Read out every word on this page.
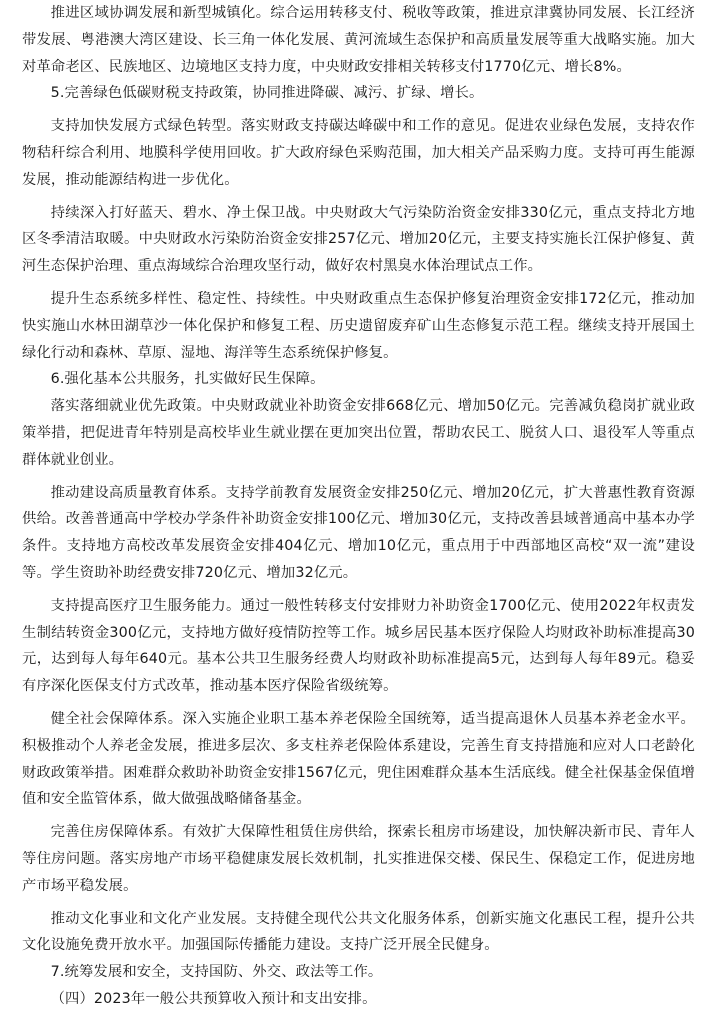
推进区域协调发展和新型城镇化。综合运用转移支付、税收等政策，推进京津冀协同发展、长江经济带发展、粤港澳大湾区建设、长三角一体化发展、黄河流域生态保护和高质量发展等重大战略实施。加大对革命老区、民族地区、边境地区支持力度，中央财政安排相关转移支付1770亿元、增长8%。

5.完善绿色低碳财税支持政策，协同推进降碳、减污、扩绿、增长。

支持加快发展方式绿色转型。落实财政支持碳达峰碳中和工作的意见。促进农业绿色发展，支持农作物秸秆综合利用、地膜科学使用回收。扩大政府绿色采购范围，加大相关产品采购力度。支持可再生能源发展，推动能源结构进一步优化。

持续深入打好蓝天、碧水、净土保卫战。中央财政大气污染防治资金安排330亿元，重点支持北方地区冬季清洁取暖。中央财政水污染防治资金安排257亿元、增加20亿元，主要支持实施长江保护修复、黄河生态保护治理、重点海域综合治理攻坚行动，做好农村黑臭水体治理试点工作。

提升生态系统多样性、稳定性、持续性。中央财政重点生态保护修复治理资金安排172亿元，推动加快实施山水林田湖草沙一体化保护和修复工程、历史遗留废弃矿山生态修复示范工程。继续支持开展国土绿化行动和森林、草原、湿地、海洋等生态系统保护修复。

6.强化基本公共服务，扎实做好民生保障。

落实落细就业优先政策。中央财政就业补助资金安排668亿元、增加50亿元。完善减负稳岗扩就业政策举措，把促进青年特别是高校毕业生就业摆在更加突出位置，帮助农民工、脱贫人口、退役军人等重点群体就业创业。

推动建设高质量教育体系。支持学前教育发展资金安排250亿元、增加20亿元，扩大普惠性教育资源供给。改善普通高中学校办学条件补助资金安排100亿元、增加30亿元，支持改善县域普通高中基本办学条件。支持地方高校改革发展资金安排404亿元、增加10亿元，重点用于中西部地区高校“双一流”建设等。学生资助补助经费安排720亿元、增加32亿元。

支持提高医疗卫生服务能力。通过一般性转移支付安排财力补助资金1700亿元、使用2022年权责发生制结转资金300亿元，支持地方做好疫情防控等工作。城乡居民基本医疗保险人均财政补助标准提高30元，达到每人每年640元。基本公共卫生服务经费人均财政补助标准提高5元，达到每人每年89元。稳妥有序深化医保支付方式改革，推动基本医疗保险省级统筹。

健全社会保障体系。深入实施企业职工基本养老保险全国统筹，适当提高退休人员基本养老金水平。积极推动个人养老金发展，推进多层次、多支柱养老保险体系建设，完善生育支持措施和应对人口老龄化财政政策举措。困难群众救助补助资金安排1567亿元，兜住困难群众基本生活底线。健全社保基金保值增值和安全监管体系，做大做强战略储备基金。

完善住房保障体系。有效扩大保障性租赁住房供给，探索长租房市场建设，加快解决新市民、青年人等住房问题。落实房地产市场平稳健康发展长效机制，扎实推进保交楼、保民生、保稳定工作，促进房地产市场平稳发展。

推动文化事业和文化产业发展。支持健全现代公共文化服务体系，创新实施文化惠民工程，提升公共文化设施免费开放水平。加强国际传播能力建设。支持广泛开展全民健身。

7.统筹发展和安全，支持国防、外交、政法等工作。

（四）2023年一般公共预算收入预计和支出安排。
